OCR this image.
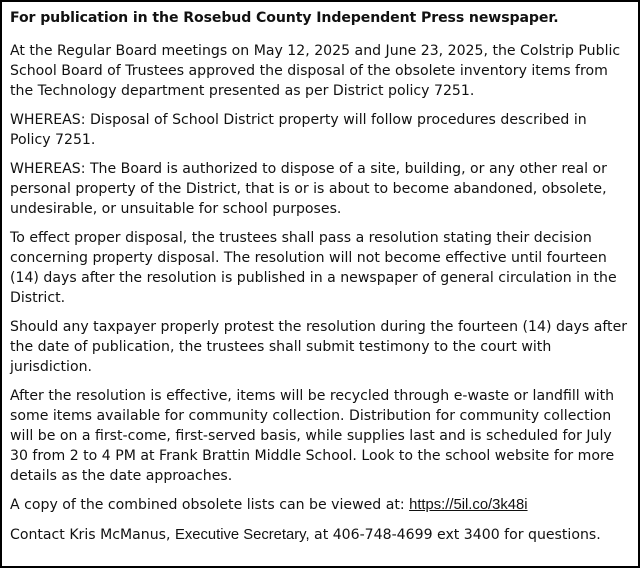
For publication in the Rosebud County Independent Press newspaper.

At the Regular Board meetings on May 12, 2025 and June 23, 2025, the Colstrip Public School Board of Trustees approved the disposal of the obsolete inventory items from the Technology department presented as per District policy 7251.

WHEREAS: Disposal of School District property will follow procedures described in Policy 7251.

WHEREAS: The Board is authorized to dispose of a site, building, or any other real or personal property of the District, that is or is about to become abandoned, obsolete, undesirable, or unsuitable for school purposes.

To effect proper disposal, the trustees shall pass a resolution stating their decision concerning property disposal. The resolution will not become effective until fourteen (14) days after the resolution is published in a newspaper of general circulation in the District.

Should any taxpayer properly protest the resolution during the fourteen (14) days after the date of publication, the trustees shall submit testimony to the court with jurisdiction.

After the resolution is effective, items will be recycled through e-waste or landfill with some items available for community collection. Distribution for community collection will be on a first-come, first-served basis, while supplies last and is scheduled for July 30 from 2 to 4 PM at Frank Brattin Middle School. Look to the school website for more details as the date approaches.

A copy of the combined obsolete lists can be viewed at: https://5il.co/3k48i

Contact Kris McManus, Executive Secretary, at 406-748-4699 ext 3400 for questions.
